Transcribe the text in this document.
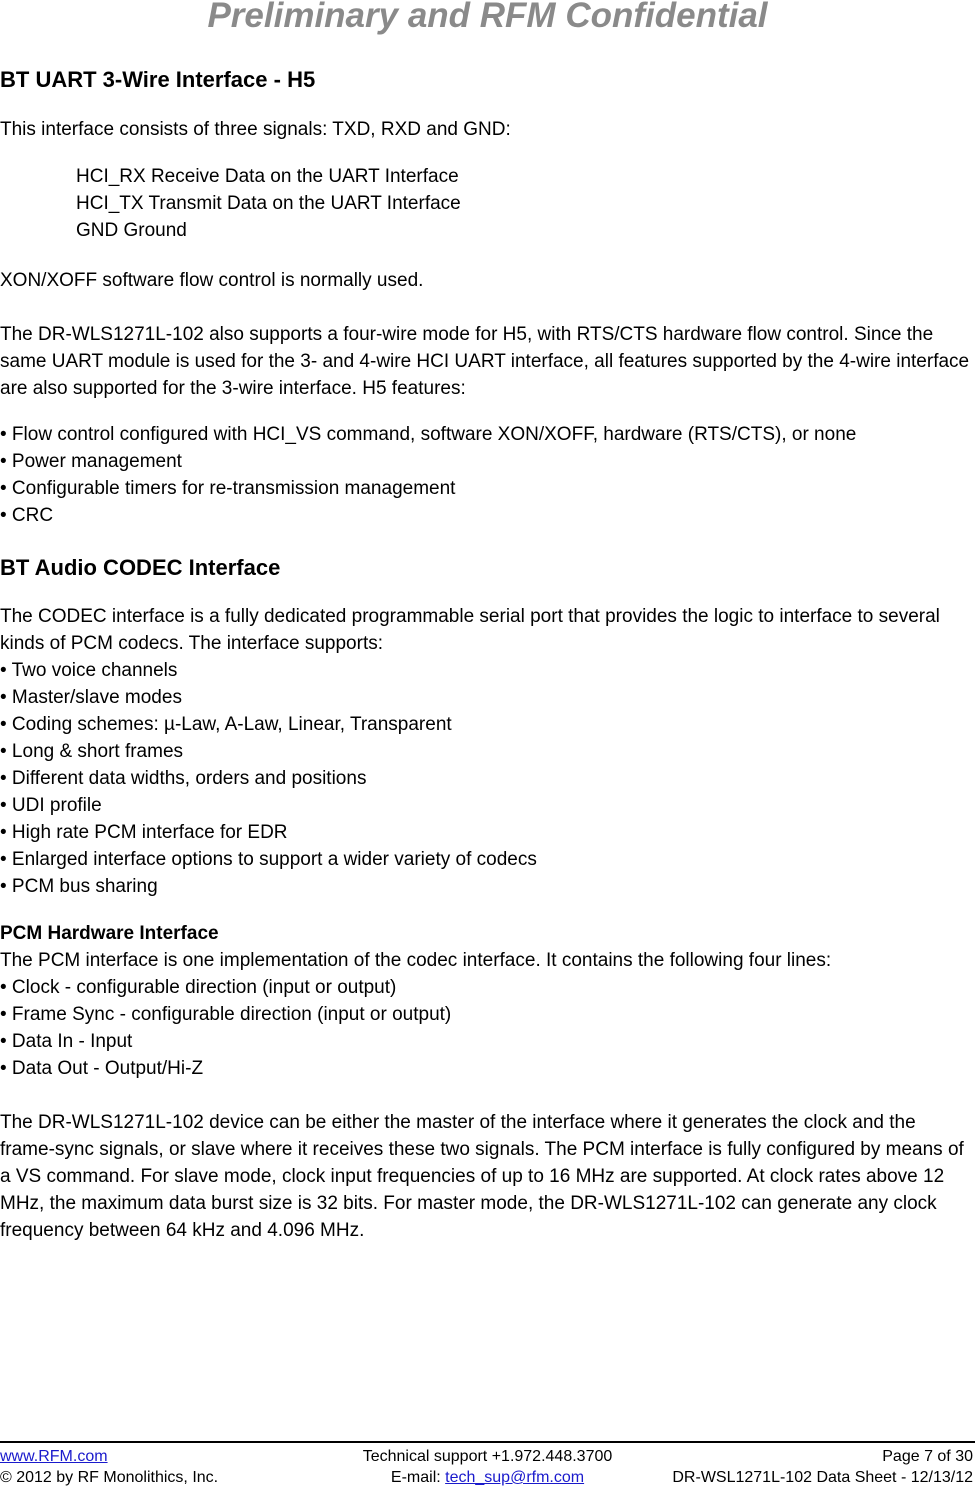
Preliminary and RFM Confidential
BT UART 3-Wire Interface - H5

This interface consists of three signals: TXD, RXD and GND:

HCI_RX Receive Data on the UART Interface
HCI_TX Transmit Data on the UART Interface
GND Ground

XON/XOFF software flow control is normally used.

The DR-WLS1271L-102 also supports a four-wire mode for H5, with RTS/CTS hardware flow control. Since the same UART module is used for the 3- and 4-wire HCI UART interface, all features supported by the 4-wire interface are also supported for the 3-wire interface. H5 features:

• Flow control configured with HCI_VS command, software XON/XOFF, hardware (RTS/CTS), or none
• Power management
• Configurable timers for re-transmission management
• CRC
BT Audio CODEC Interface

The CODEC interface is a fully dedicated programmable serial port that provides the logic to interface to several kinds of PCM codecs. The interface supports:

• Two voice channels
• Master/slave modes
• Coding schemes: µ-Law, A-Law, Linear, Transparent
• Long & short frames
• Different data widths, orders and positions
• UDI profile
• High rate PCM interface for EDR
• Enlarged interface options to support a wider variety of codecs
• PCM bus sharing
PCM Hardware Interface

The PCM interface is one implementation of the codec interface. It contains the following four lines:

• Clock - configurable direction (input or output)
• Frame Sync - configurable direction (input or output)
• Data In - Input
• Data Out - Output/Hi-Z

The DR-WLS1271L-102 device can be either the master of the interface where it generates the clock and the frame-sync signals, or slave where it receives these two signals. The PCM interface is fully configured by means of a VS command. For slave mode, clock input frequencies of up to 16 MHz are supported. At clock rates above 12 MHz, the maximum data burst size is 32 bits. For master mode, the DR-WLS1271L-102 can generate any clock frequency between 64 kHz and 4.096 MHz.

www.RFM.com	Technical support +1.972.448.3700	Page 7 of 30
© 2012 by RF Monolithics, Inc.	E-mail: tech_sup@rfm.com	DR-WSL1271L-102 Data Sheet - 12/13/12
